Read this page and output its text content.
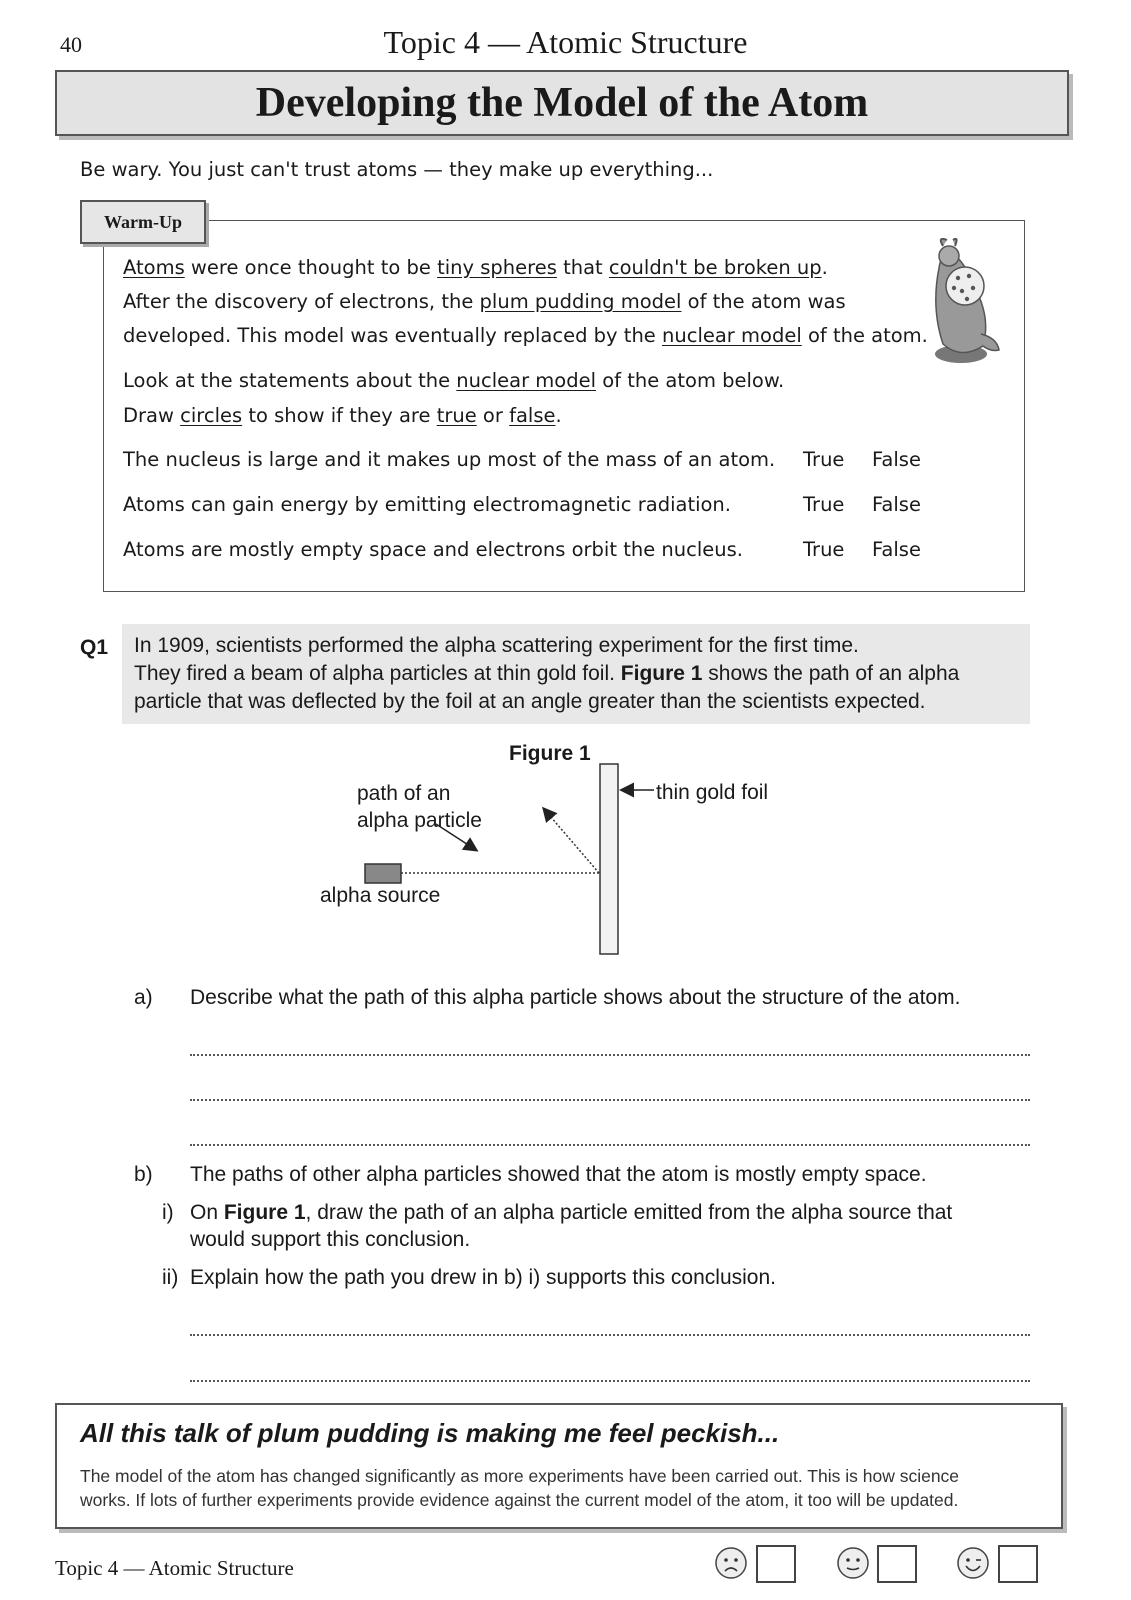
40	Topic 4 — Atomic Structure
Developing the Model of the Atom
Be wary. You just can't trust atoms — they make up everything...
Warm-Up
Atoms were once thought to be tiny spheres that couldn't be broken up.
After the discovery of electrons, the plum pudding model of the atom was
developed. This model was eventually replaced by the nuclear model of the atom.
Look at the statements about the nuclear model of the atom below.
Draw circles to show if they are true or false.
The nucleus is large and it makes up most of the mass of an atom. True False
Atoms can gain energy by emitting electromagnetic radiation.	True False
Atoms are mostly empty space and electrons orbit the nucleus.	True False
Q1 In 1909, scientists performed the alpha scattering experiment for the first time.
They fired a beam of alpha particles at thin gold foil. Figure 1 shows the path of an alpha
particle that was deflected by the foil at an angle greater than the scientists expected.
Figure 1
path of an
alpha particle
thin gold foil
alpha source
a) Describe what the path of this alpha particle shows about the structure of the atom.
b) The paths of other alpha particles showed that the atom is mostly empty space.
i) On Figure 1, draw the path of an alpha particle emitted from the alpha source that
would support this conclusion.
ii) Explain how the path you drew in b) i) supports this conclusion.
All this talk of plum pudding is making me feel peckish...
The model of the atom has changed significantly as more experiments have been carried out. This is how science
works. If lots of further experiments provide evidence against the current model of the atom, it too will be updated.
Topic 4 — Atomic Structure
